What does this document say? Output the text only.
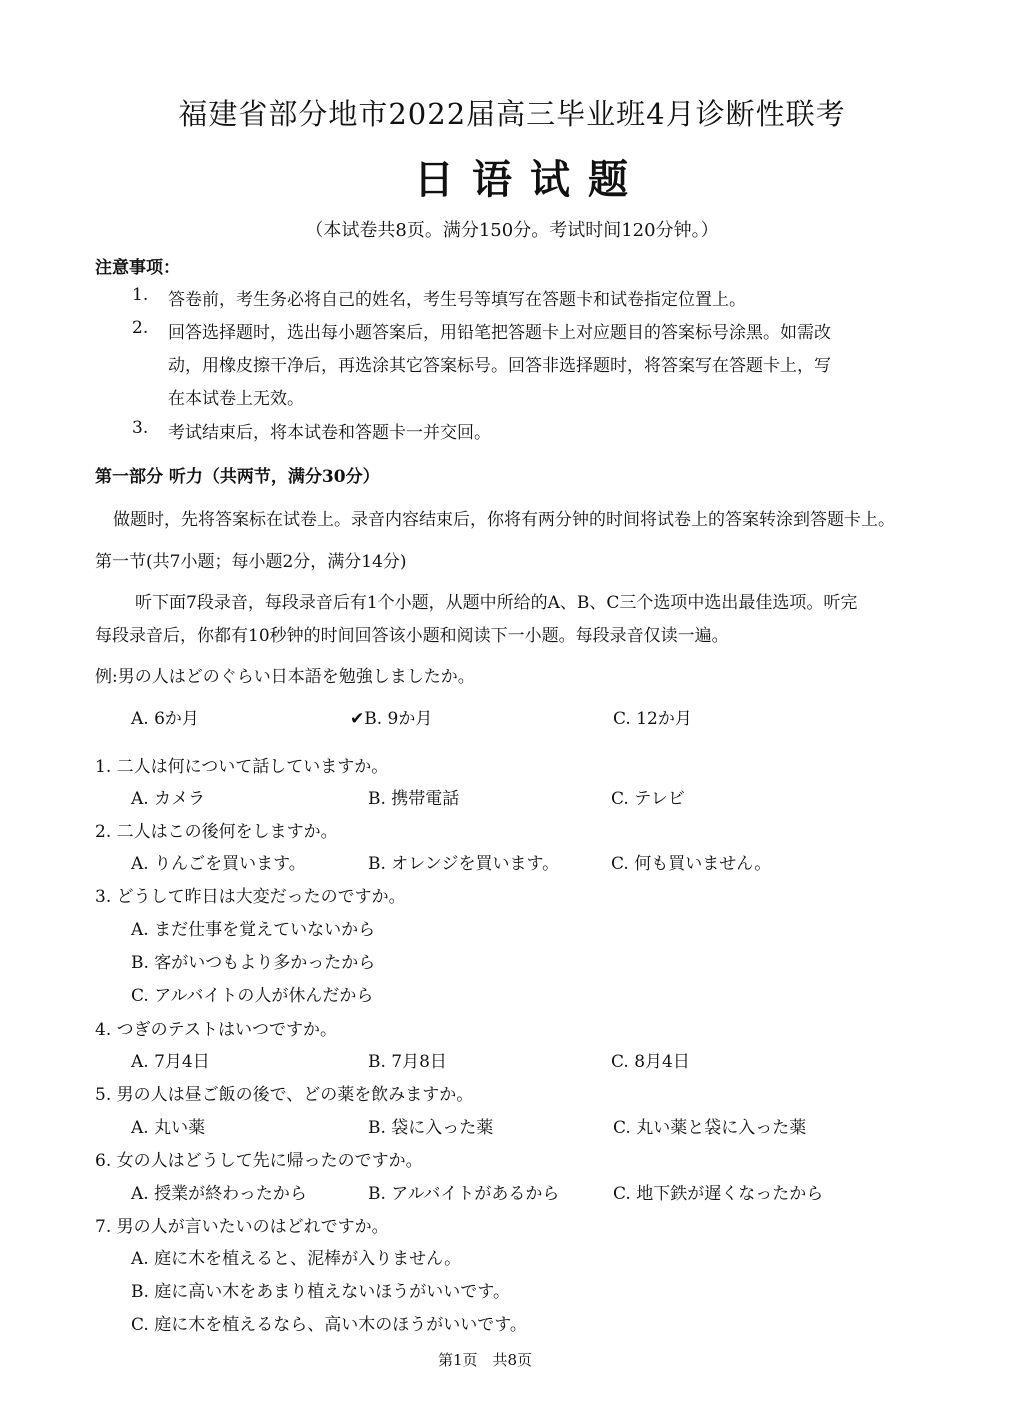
福建省部分地市2022届高三毕业班4月诊断性联考
日语试题
（本试卷共8页。满分150分。考试时间120分钟。）
注意事项：
1. 答卷前，考生务必将自己的姓名，考生号等填写在答题卡和试卷指定位置上。
2. 回答选择题时，选出每小题答案后，用铅笔把答题卡上对应题目的答案标号涂黑。如需改
动，用橡皮擦干净后，再选涂其它答案标号。回答非选择题时，将答案写在答题卡上，写
在本试卷上无效。
3. 考试结束后，将本试卷和答题卡一并交回。
第一部分 听力（共两节，满分30分）
做题时，先将答案标在试卷上。录音内容结束后，你将有两分钟的时间将试卷上的答案转涂到答题卡上。
第一节(共7小题；每小题2分，满分14分)
听下面7段录音，每段录音后有1个小题，从题中所给的A、B、C三个选项中选出最佳选项。听完
每段录音后，你都有10秒钟的时间回答该小题和阅读下一小题。每段录音仅读一遍。
例:男の人はどのぐらい日本語を勉強しましたか。
A. 6か月	✔B. 9か月	C. 12か月
1. 二人は何について話していますか。
A. カメラ	B. 携帯電話	C. テレビ
2. 二人はこの後何をしますか。
A. りんごを買います。	B. オレンジを買います。	C. 何も買いません。
3. どうして昨日は大変だったのですか。
A. まだ仕事を覚えていないから
B. 客がいつもより多かったから
C. アルバイトの人が休んだから
4. つぎのテストはいつですか。
A. 7月4日	B. 7月8日	C. 8月4日
5. 男の人は昼ご飯の後で、どの薬を飲みますか。
A. 丸い薬	B. 袋に入った薬	C. 丸い薬と袋に入った薬
6. 女の人はどうして先に帰ったのですか。
A. 授業が終わったから	B. アルバイトがあるから	C. 地下鉄が遅くなったから
7. 男の人が言いたいのはどれですか。
A. 庭に木を植えると、泥棒が入りません。
B. 庭に高い木をあまり植えないほうがいいです。
C. 庭に木を植えるなら、高い木のほうがいいです。
第1页　共8页
